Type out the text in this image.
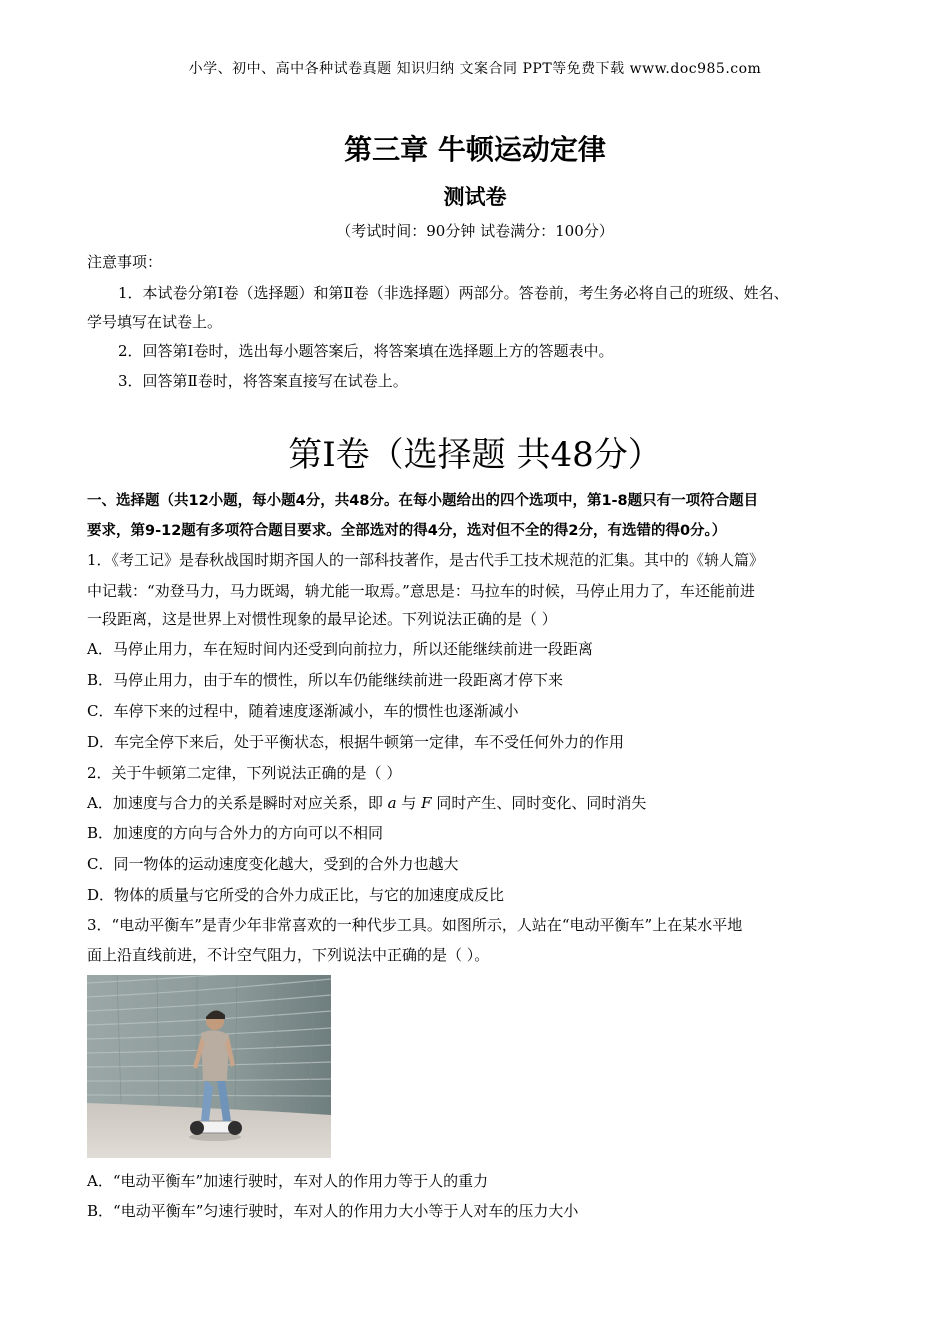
小学、初中、高中各种试卷真题 知识归纳 文案合同 PPT等免费下载 www.doc985.com
第三章 牛顿运动定律
测试卷
（考试时间：90分钟 试卷满分：100分）
注意事项：
1．本试卷分第Ⅰ卷（选择题）和第Ⅱ卷（非选择题）两部分。答卷前，考生务必将自己的班级、姓名、
学号填写在试卷上。
2．回答第Ⅰ卷时，选出每小题答案后，将答案填在选择题上方的答题表中。
3．回答第Ⅱ卷时，将答案直接写在试卷上。
第Ⅰ卷（选择题 共48分）
一、选择题（共12小题，每小题4分，共48分。在每小题给出的四个选项中，第1-8题只有一项符合题目
要求，第9-12题有多项符合题目要求。全部选对的得4分，选对但不全的得2分，有选错的得0分。）
1．《考工记》是春秋战国时期齐国人的一部科技著作，是古代手工技术规范的汇集。其中的《辀人篇》
中记载：“劝登马力，马力既竭，辀尤能一取焉。”意思是：马拉车的时候，马停止用力了，车还能前进
一段距离，这是世界上对惯性现象的最早论述。下列说法正确的是（ ）
A．马停止用力，车在短时间内还受到向前拉力，所以还能继续前进一段距离
B．马停止用力，由于车的惯性，所以车仍能继续前进一段距离才停下来
C．车停下来的过程中，随着速度逐渐减小，车的惯性也逐渐减小
D．车完全停下来后，处于平衡状态，根据牛顿第一定律，车不受任何外力的作用
2．关于牛顿第二定律，下列说法正确的是（ ）
A．加速度与合力的关系是瞬时对应关系，即 a 与 F 同时产生、同时变化、同时消失
B．加速度的方向与合外力的方向可以不相同
C．同一物体的运动速度变化越大，受到的合外力也越大
D．物体的质量与它所受的合外力成正比，与它的加速度成反比
3．“电动平衡车”是青少年非常喜欢的一种代步工具。如图所示，人站在“电动平衡车”上在某水平地
面上沿直线前进，不计空气阻力，下列说法中正确的是（ ）。
A．“电动平衡车”加速行驶时，车对人的作用力等于人的重力
B．“电动平衡车”匀速行驶时，车对人的作用力大小等于人对车的压力大小
